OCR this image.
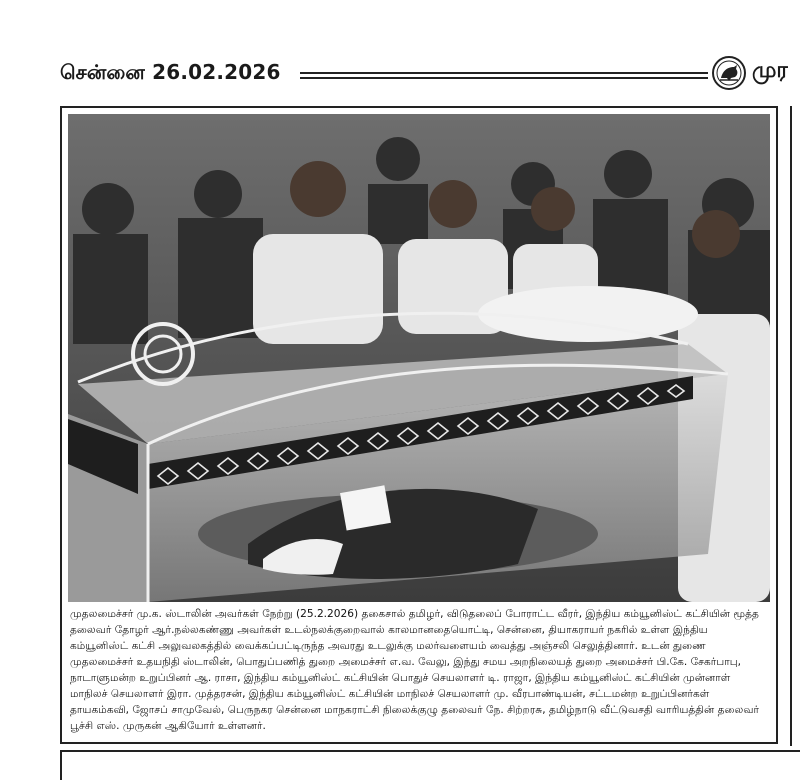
சென்னை 26.02.2026	முர
முதலமைச்சர் மு.க. ஸ்டாலின் அவர்கள் நேற்று (25.2.2026) தகைசால் தமிழர், விடுதலைப் போராட்ட வீரர், இந்திய கம்யூனிஸ்ட் கட்சியின் மூத்த
தலைவர் தோழர் ஆர்.நல்லகண்ணு அவர்கள் உடல்நலக்குறைவால் காலமானதையொட்டி, சென்னை, தியாகராயர் நகரில் உள்ள இந்திய
கம்யூனிஸ்ட் கட்சி அலுவலகத்தில் வைக்கப்பட்டிருந்த அவரது உடலுக்கு மலர்வளையம் வைத்து அஞ்சலி செலுத்தினார். உடன் துணை
முதலமைச்சர் உதயநிதி ஸ்டாலின், பொதுப்பணித் துறை அமைச்சர் எ.வ. வேலு, இந்து சமய அறநிலையத் துறை அமைச்சர் பி.கே. சேகர்பாபு,
நாடாளுமன்ற உறுப்பினர் ஆ. ராசா, இந்திய கம்யூனிஸ்ட் கட்சியின் பொதுச் செயலாளர் டி. ராஜா, இந்திய கம்யூனிஸ்ட் கட்சியின் முன்னாள்
மாநிலச் செயலாளர் இரா. முத்தரசன், இந்திய கம்யூனிஸ்ட் கட்சியின் மாநிலச் செயலாளர் மு. வீரபாண்டியன், சட்டமன்ற உறுப்பினர்கள்
தாயகம்கவி, ஜோசப் சாமுவேல், பெருநகர சென்னை மாநகராட்சி நிலைக்குழு தலைவர் நே. சிற்றரசு, தமிழ்நாடு வீட்டுவசதி வாரியத்தின் தலைவர்
பூச்சி எஸ். முருகன் ஆகியோர் உள்ளனர்.
